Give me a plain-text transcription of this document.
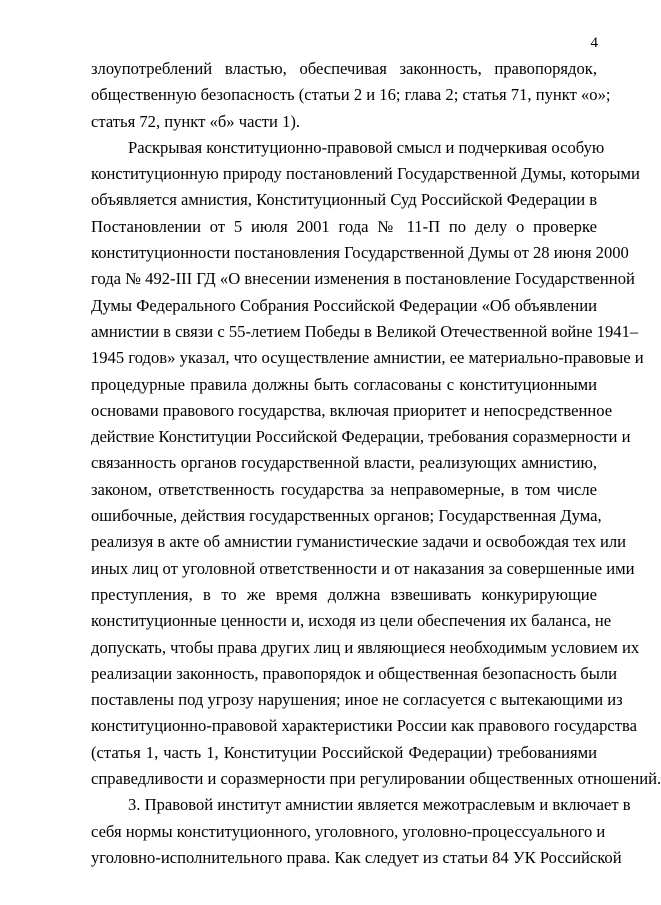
4
злоупотреблений властью, обеспечивая законность, правопорядок,
общественную безопасность (статьи 2 и 16; глава 2; статья 71, пункт «о»;
статья 72, пункт «б» части 1).
Раскрывая конституционно-правовой смысл и подчеркивая особую
конституционную природу постановлений Государственной Думы, которыми
объявляется амнистия, Конституционный Суд Российской Федерации в
Постановлении от 5 июля 2001 года № 11-П по делу о проверке
конституционности постановления Государственной Думы от 28 июня 2000
года № 492-III ГД «О внесении изменения в постановление Государственной
Думы Федерального Собрания Российской Федерации «Об объявлении
амнистии в связи с 55-летием Победы в Великой Отечественной войне 1941–
1945 годов» указал, что осуществление амнистии, ее материально-правовые и
процедурные правила должны быть согласованы с конституционными
основами правового государства, включая приоритет и непосредственное
действие Конституции Российской Федерации, требования соразмерности и
связанность органов государственной власти, реализующих амнистию,
законом, ответственность государства за неправомерные, в том числе
ошибочные, действия государственных органов; Государственная Дума,
реализуя в акте об амнистии гуманистические задачи и освобождая тех или
иных лиц от уголовной ответственности и от наказания за совершенные ими
преступления, в то же время должна взвешивать конкурирующие
конституционные ценности и, исходя из цели обеспечения их баланса, не
допускать, чтобы права других лиц и являющиеся необходимым условием их
реализации законность, правопорядок и общественная безопасность были
поставлены под угрозу нарушения; иное не согласуется с вытекающими из
конституционно-правовой характеристики России как правового государства
(статья 1, часть 1, Конституции Российской Федерации) требованиями
справедливости и соразмерности при регулировании общественных отношений.
3. Правовой институт амнистии является межотраслевым и включает в
себя нормы конституционного, уголовного, уголовно-процессуального и
уголовно-исполнительного права. Как следует из статьи 84 УК Российской
